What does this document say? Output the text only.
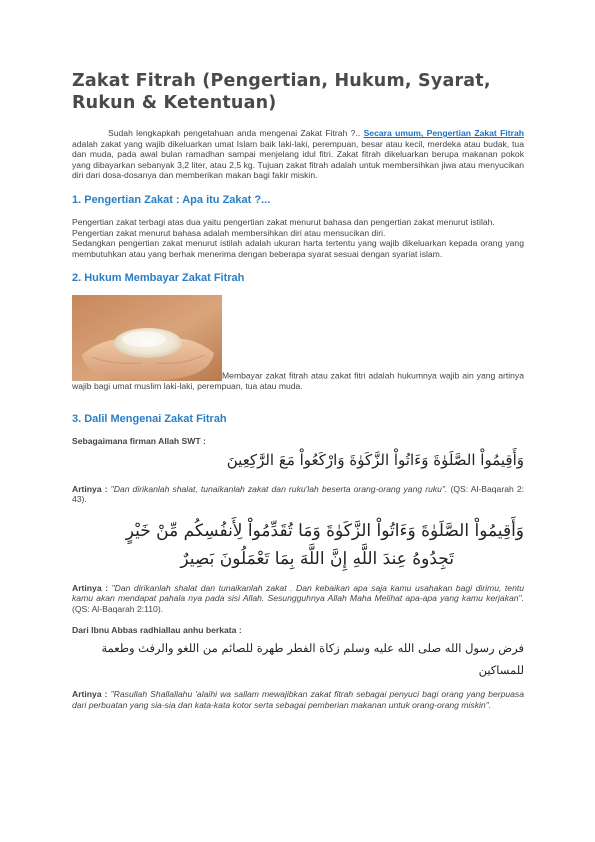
Zakat Fitrah (Pengertian, Hukum, Syarat, Rukun & Ketentuan)

Sudah lengkapkah pengetahuan anda mengenai Zakat Fitrah ?.. Secara umum, Pengertian Zakat Fitrah adalah zakat yang wajib dikeluarkan umat Islam baik laki-laki, perempuan, besar atau kecil, merdeka atau budak, tua dan muda, pada awal bulan ramadhan sampai menjelang idul fitri. Zakat fitrah dikeluarkan berupa makanan pokok yang dibayarkan sebanyak 3,2 liter, atau 2,5 kg. Tujuan zakat fitrah adalah untuk membersihkan jiwa atau menyucikan diri dari dosa-dosanya dan memberikan makan bagi fakir miskin.

1. Pengertian Zakat : Apa itu Zakat ?...

Pengertian zakat terbagi atas dua yaitu pengertian zakat menurut bahasa dan pengertian zakat menurut istilah.

Pengertian zakat menurut bahasa adalah membersihkan diri atau mensucikan diri.

Sedangkan pengertian zakat menurut istilah adalah ukuran harta tertentu yang wajib dikeluarkan kepada orang yang membutuhkan atau yang berhak menerima dengan beberapa syarat sesuai dengan syariat islam.

2. Hukum Membayar Zakat Fitrah

Membayar zakat fitrah atau zakat fitri adalah hukumnya wajib ain yang artinya wajib bagi umat muslim laki-laki, perempuan, tua atau muda.

3. Dalil Mengenai Zakat Fitrah

Sebagaimana firman Allah SWT :

وَأَقِيمُواْ الصَّلَوٰةَ وَءَاتُواْ الزَّكَوٰةَ وَارْكَعُواْ مَعَ الرَّٰكِعِينَ

Artinya : "Dan dirikanlah shalat, tunaikanlah zakat dan ruku'lah beserta orang-orang yang ruku". (QS: Al-Baqarah 2: 43).

وَأَقِيمُواْ الصَّلَوٰةَ وَءَاتُواْ الزَّكَوٰةَ وَمَا تُقَدِّمُواْ لِأَنفُسِكُم مِّنْ خَيْرٍ
تَجِدُوهُ عِندَ اللَّهِ إِنَّ اللَّهَ بِمَا تَعْمَلُونَ بَصِيرٌ

Artinya : "Dan dirikanlah shalat dan tunaikanlah zakat . Dan kebaikan apa saja kamu usahakan bagi dirimu, tentu kamu akan mendapat pahala nya pada sisi Allah. Sesungguhnya Allah Maha Melihat apa-apa yang kamu kerjakan". (QS: Al-Baqarah 2:110).

Dari Ibnu Abbas radhiallau anhu berkata :

فرض رسول الله صلى الله عليه وسلم زكاة الفطر طهرة للصائم من اللغو والرفث وطعمة للمساكين

Artinya : "Rasullah Shallallahu 'alaihi wa sallam mewajibkan zakat fitrah sebagai penyuci bagi orang yang berpuasa dari perbuatan yang sia-sia dan kata-kata kotor serta sebagai pemberian makanan untuk orang-orang miskin".
